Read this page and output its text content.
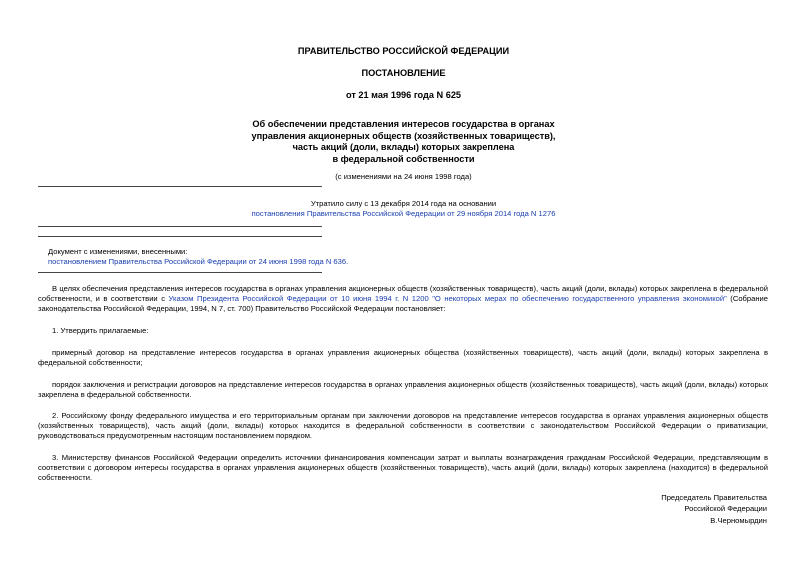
ПРАВИТЕЛЬСТВО РОССИЙСКОЙ ФЕДЕРАЦИИ
ПОСТАНОВЛЕНИЕ
от 21 мая 1996 года N 625
Об обеспечении представления интересов государства в органах
управления акционерных обществ (хозяйственных товариществ),
часть акций (доли, вклады) которых закреплена
в федеральной собственности
(с изменениями на 24 июня 1998 года)
Утратило силу с 13 декабря 2014 года на основании
постановления Правительства Российской Федерации от 29 ноября 2014 года N 1276
Документ с изменениями, внесенными:
постановлением Правительства Российской Федерации от 24 июня 1998 года N 636.
В целях обеспечения представления интересов государства в органах управления акционерных обществ (хозяйственных товариществ), часть акций (доли, вклады) которых закреплена в федеральной собственности, и в соответствии с Указом Президента Российской Федерации от 10 июня 1994 г. N 1200 "О некоторых мерах по обеспечению государственного управления экономикой" (Собрание законодательства Российской Федерации, 1994, N 7, ст. 700) Правительство Российской Федерации постановляет:
1. Утвердить прилагаемые:
примерный договор на представление интересов государства в органах управления акционерных общества (хозяйственных товариществ), часть акций (доли, вклады) которых закреплена в федеральной собственности;
порядок заключения и регистрации договоров на представление интересов государства в органах управления акционерных обществ (хозяйственных товариществ), часть акций (доли, вклады) которых закреплена в федеральной собственности.
2. Российскому фонду федерального имущества и его территориальным органам при заключении договоров на представление интересов государства в органах управления акционерных обществ (хозяйственных товариществ), часть акций (доли, вклады) которых находится в федеральной собственности в соответствии с законодательством Российской Федерации о приватизации, руководствоваться предусмотренным настоящим постановлением порядком.
3. Министерству финансов Российской Федерации определить источники финансирования компенсации затрат и выплаты вознаграждения гражданам Российской Федерации, представляющим в соответствии с договором интересы государства в органах управления акционерных обществ (хозяйственных товариществ), часть акций (доли, вклады) которых закреплена (находится) в федеральной собственности.
Председатель Правительства
Российской Федерации
В.Черномырдин
